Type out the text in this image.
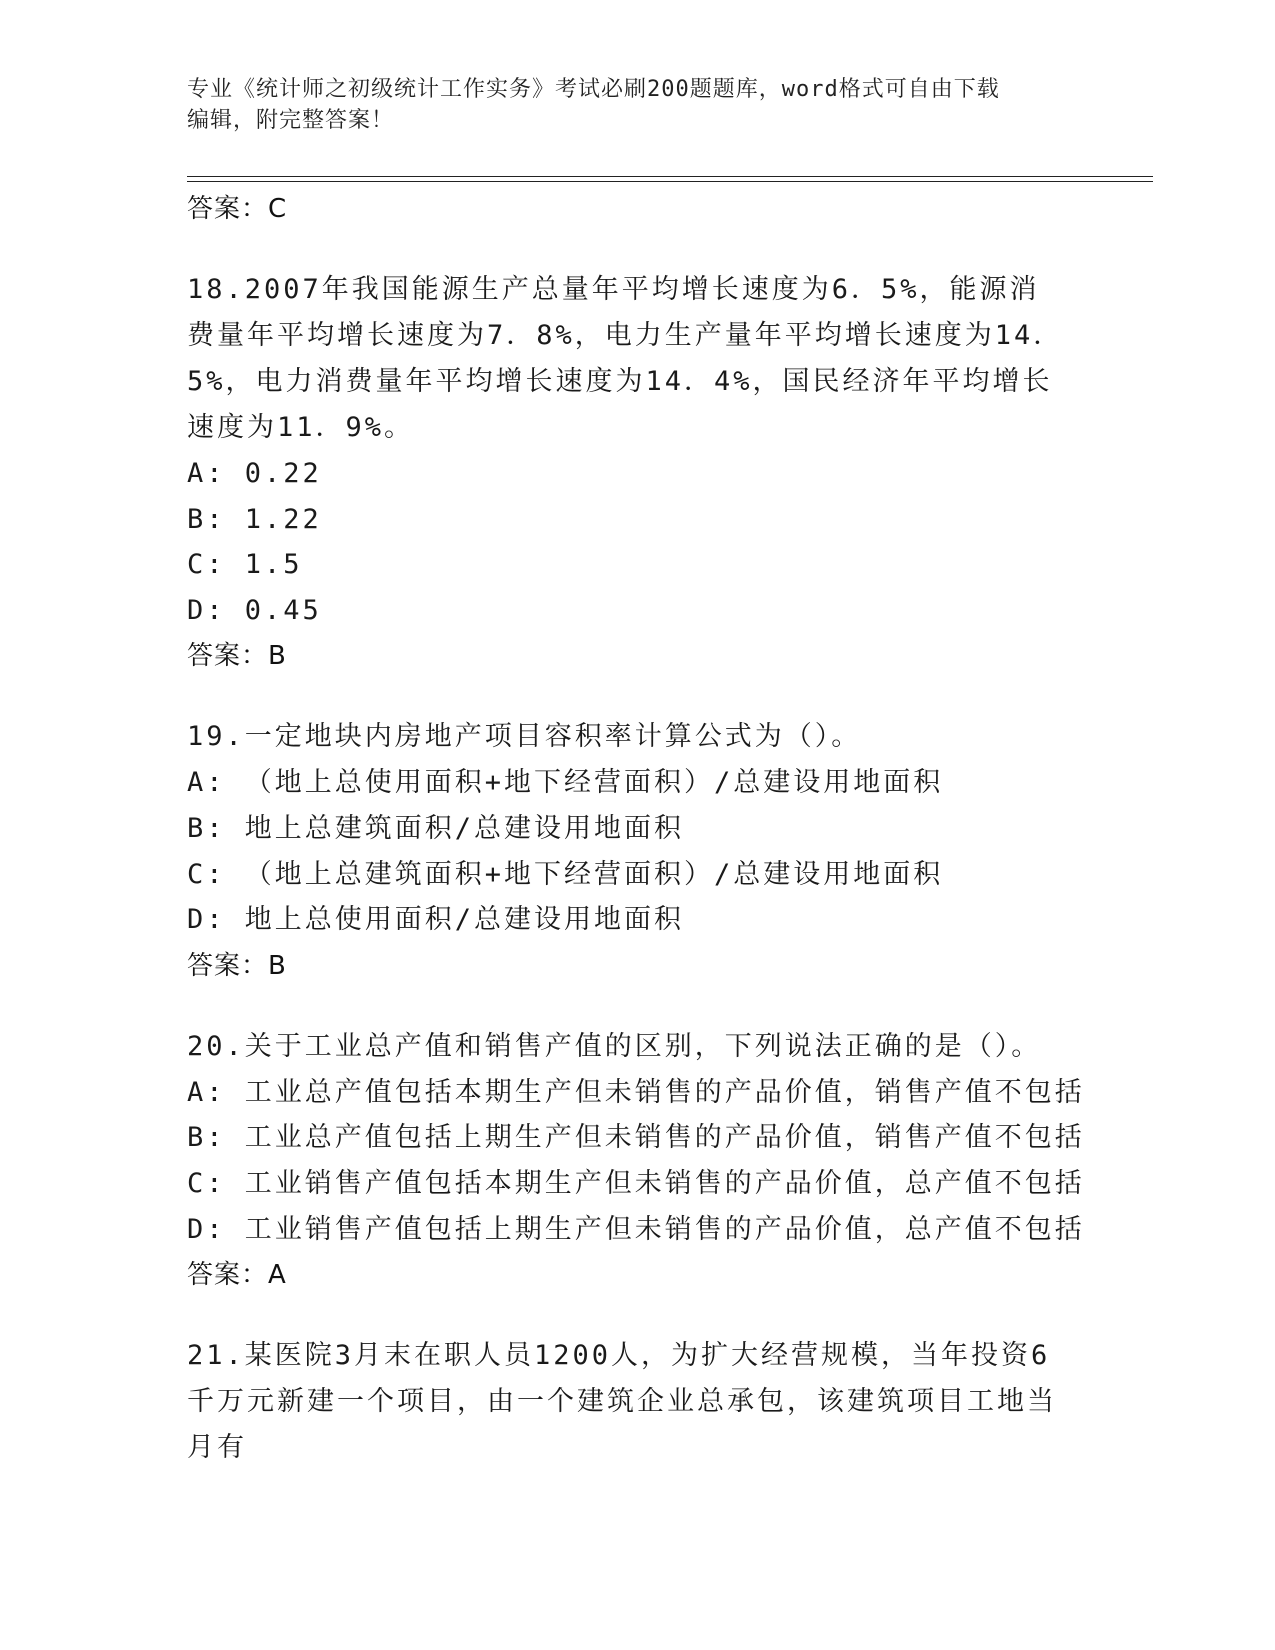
专业《统计师之初级统计工作实务》考试必刷200题题库，word格式可自由下载
编辑，附完整答案！
答案：C
18.2007年我国能源生产总量年平均增长速度为6．5%，能源消费量年平均增长速度为7．8%，电力生产量年平均增长速度为14．5%，电力消费量年平均增长速度为14．4%，国民经济年平均增长速度为11．9%。
A: 0.22
B: 1.22
C: 1.5
D: 0.45
答案：B
19.一定地块内房地产项目容积率计算公式为（）。
A: （地上总使用面积+地下经营面积）/总建设用地面积
B: 地上总建筑面积/总建设用地面积
C: （地上总建筑面积+地下经营面积）/总建设用地面积
D: 地上总使用面积/总建设用地面积
答案：B
20.关于工业总产值和销售产值的区别，下列说法正确的是（）。
A: 工业总产值包括本期生产但未销售的产品价值，销售产值不包括
B: 工业总产值包括上期生产但未销售的产品价值，销售产值不包括
C: 工业销售产值包括本期生产但未销售的产品价值，总产值不包括
D: 工业销售产值包括上期生产但未销售的产品价值，总产值不包括
答案：A
21.某医院3月末在职人员1200人，为扩大经营规模，当年投资6千万元新建一个项目，由一个建筑企业总承包，该建筑项目工地当月有
